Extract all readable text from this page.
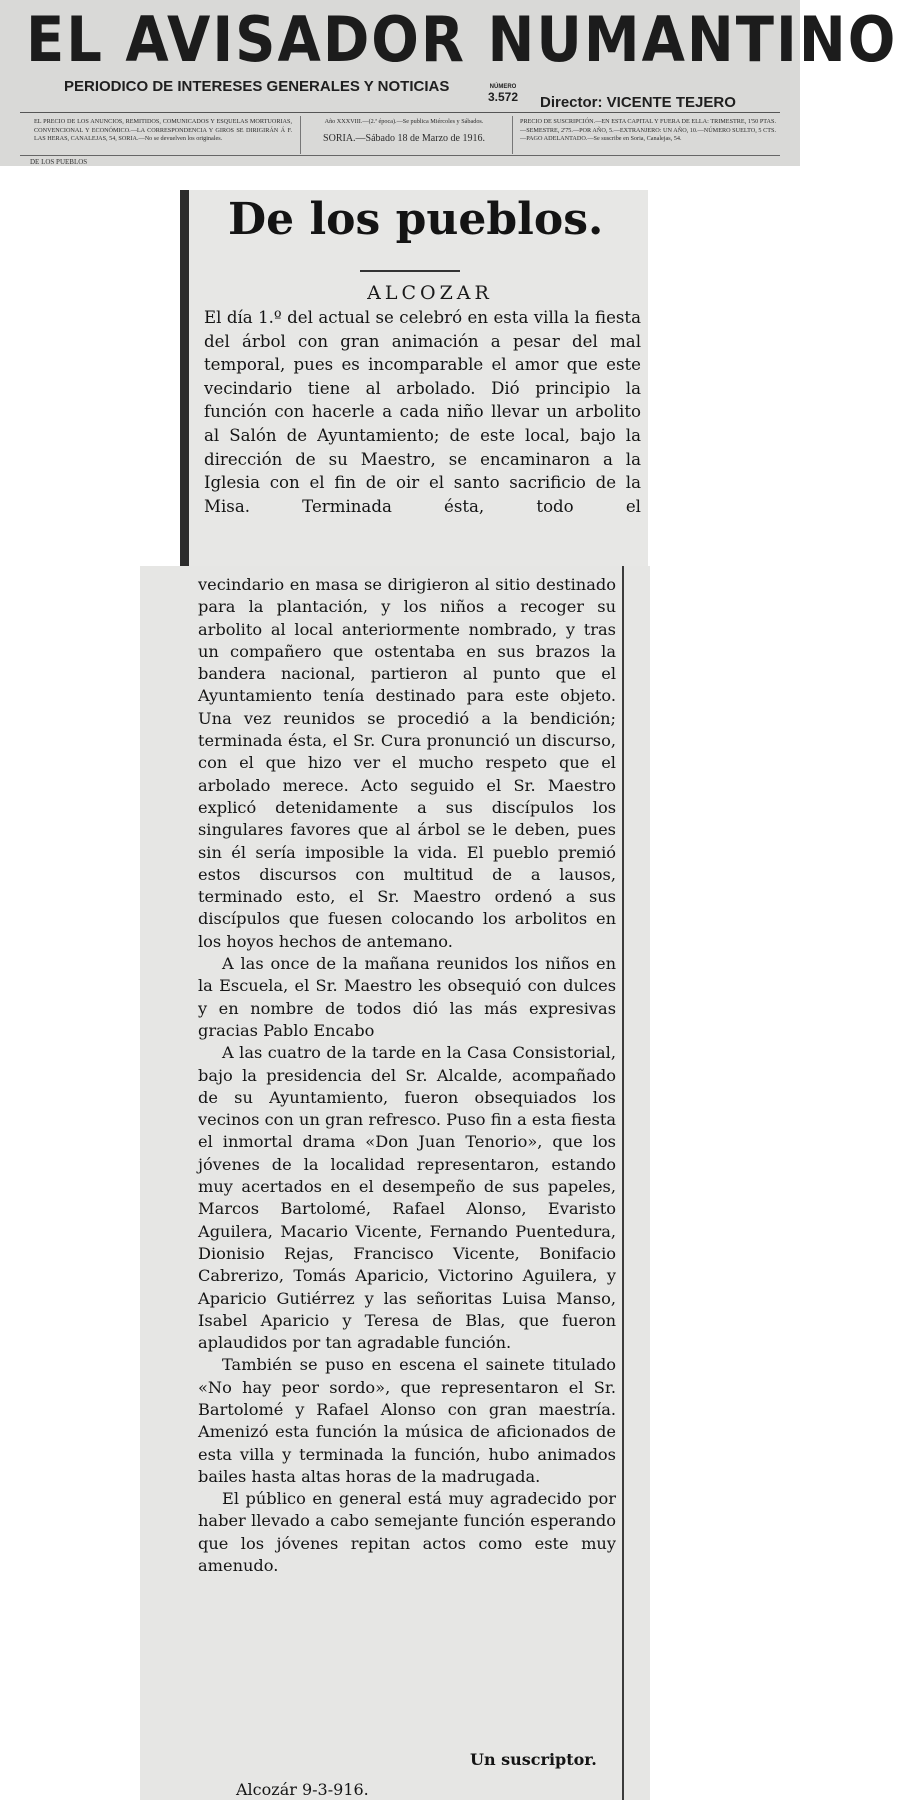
EL AVISADOR NUMANTINO
PERIODICO DE INTERESES GENERALES Y NOTICIAS	NÚMERO
3.572 Director: VICENTE TEJERO
EL PRECIO DE LOS ANUNCIOS, REMITIDOS, COMUNICADOS Y ESQUELAS MORTUORIAS, CONVENCIONAL Y ECONÓMICO.—LA CORRESPONDENCIA Y GIROS SE DIRIGIRÁN Á F. LAS HERAS, CANALEJAS, 54, SORIA.—No se devuelven los originales.
Año XXXVIII.—(2.ª época).—Se publica Miércoles y Sábados.
SORIA.—Sábado 18 de Marzo de 1916.
PRECIO DE SUSCRIPCIÓN.—EN ESTA CAPITAL Y FUERA DE ELLA: TRIMESTRE, 1'50 PTAS.—SEMESTRE, 2'75.—POR AÑO, 5.—EXTRANJERO: UN AÑO, 10.—NÚMERO SUELTO, 5 CTS.—PAGO ADELANTADO.—Se suscribe en Soria, Canalejas, 54.
DE LOS PUEBLOS
De los pueblos.
ALCOZAR
El día 1.º del actual se celebró en esta villa la fiesta del árbol con gran animación a pesar del mal temporal, pues es incomparable el amor que este vecindario tiene al arbolado. Dió principio la función con hacerle a cada niño llevar un arbolito al Salón de Ayuntamiento; de este local, bajo la dirección de su Maestro, se encaminaron a la Iglesia con el fin de oir el santo sacrificio de la Misa. Terminada ésta, todo el

vecindario en masa se dirigieron al sitio destinado para la plantación, y los niños a recoger su arbolito al local anteriormente nombrado, y tras un compañero que ostentaba en sus brazos la bandera nacional, partieron al punto que el Ayuntamiento tenía destinado para este objeto. Una vez reunidos se procedió a la bendición; terminada ésta, el Sr. Cura pronunció un discurso, con el que hizo ver el mucho respeto que el arbolado merece. Acto seguido el Sr. Maestro explicó detenidamente a sus discípulos los singulares favores que al árbol se le deben, pues sin él sería imposible la vida. El pueblo premió estos discursos con multitud de a lausos, terminado esto, el Sr. Maestro ordenó a sus discípulos que fuesen colocando los arbolitos en los hoyos hechos de antemano.

A las once de la mañana reunidos los niños en la Escuela, el Sr. Maestro les obsequió con dulces y en nombre de todos dió las más expresivas gracias Pablo Encabo

A las cuatro de la tarde en la Casa Consistorial, bajo la presidencia del Sr. Alcalde, acompañado de su Ayuntamiento, fueron obsequiados los vecinos con un gran refresco. Puso fin a esta fiesta el inmortal drama «Don Juan Tenorio», que los jóvenes de la localidad representaron, estando muy acertados en el desempeño de sus papeles, Marcos Bartolomé, Rafael Alonso, Evaristo Aguilera, Macario Vicente, Fernando Puentedura, Dionisio Rejas, Francisco Vicente, Bonifacio Cabrerizo, Tomás Aparicio, Victorino Aguilera, y Aparicio Gutiérrez y las señoritas Luisa Manso, Isabel Aparicio y Teresa de Blas, que fueron aplaudidos por tan agradable función.

También se puso en escena el sainete titulado «No hay peor sordo», que representaron el Sr. Bartolomé y Rafael Alonso con gran maestría. Amenizó esta función la música de aficionados de esta villa y terminada la función, hubo animados bailes hasta altas horas de la madrugada.

El público en general está muy agradecido por haber llevado a cabo semejante función esperando que los jóvenes repitan actos como este muy amenudo.

Un suscriptor.
Alcozár 9-3-916.
